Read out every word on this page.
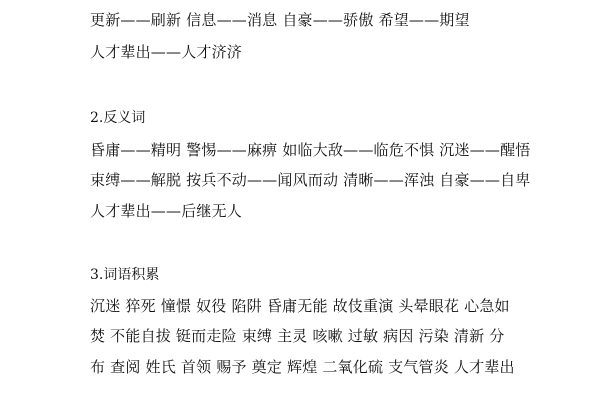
更新——刷新 信息——消息 自豪——骄傲 希望——期望
人才辈出——人才济济
2.反义词
昏庸——精明 警惕——麻痹 如临大敌——临危不惧 沉迷——醒悟
束缚——解脱 按兵不动——闻风而动 清晰——浑浊 自豪——自卑
人才辈出——后继无人
3.词语积累
沉迷 猝死 憧憬 奴役 陷阱 昏庸无能 故伎重演 头晕眼花 心急如
焚 不能自拔 铤而走险 束缚 主灵 咳嗽 过敏 病因 污染 清新 分
布 查阅 姓氏 首领 赐予 奠定 辉煌 二氧化硫 支气管炎 人才辈出
